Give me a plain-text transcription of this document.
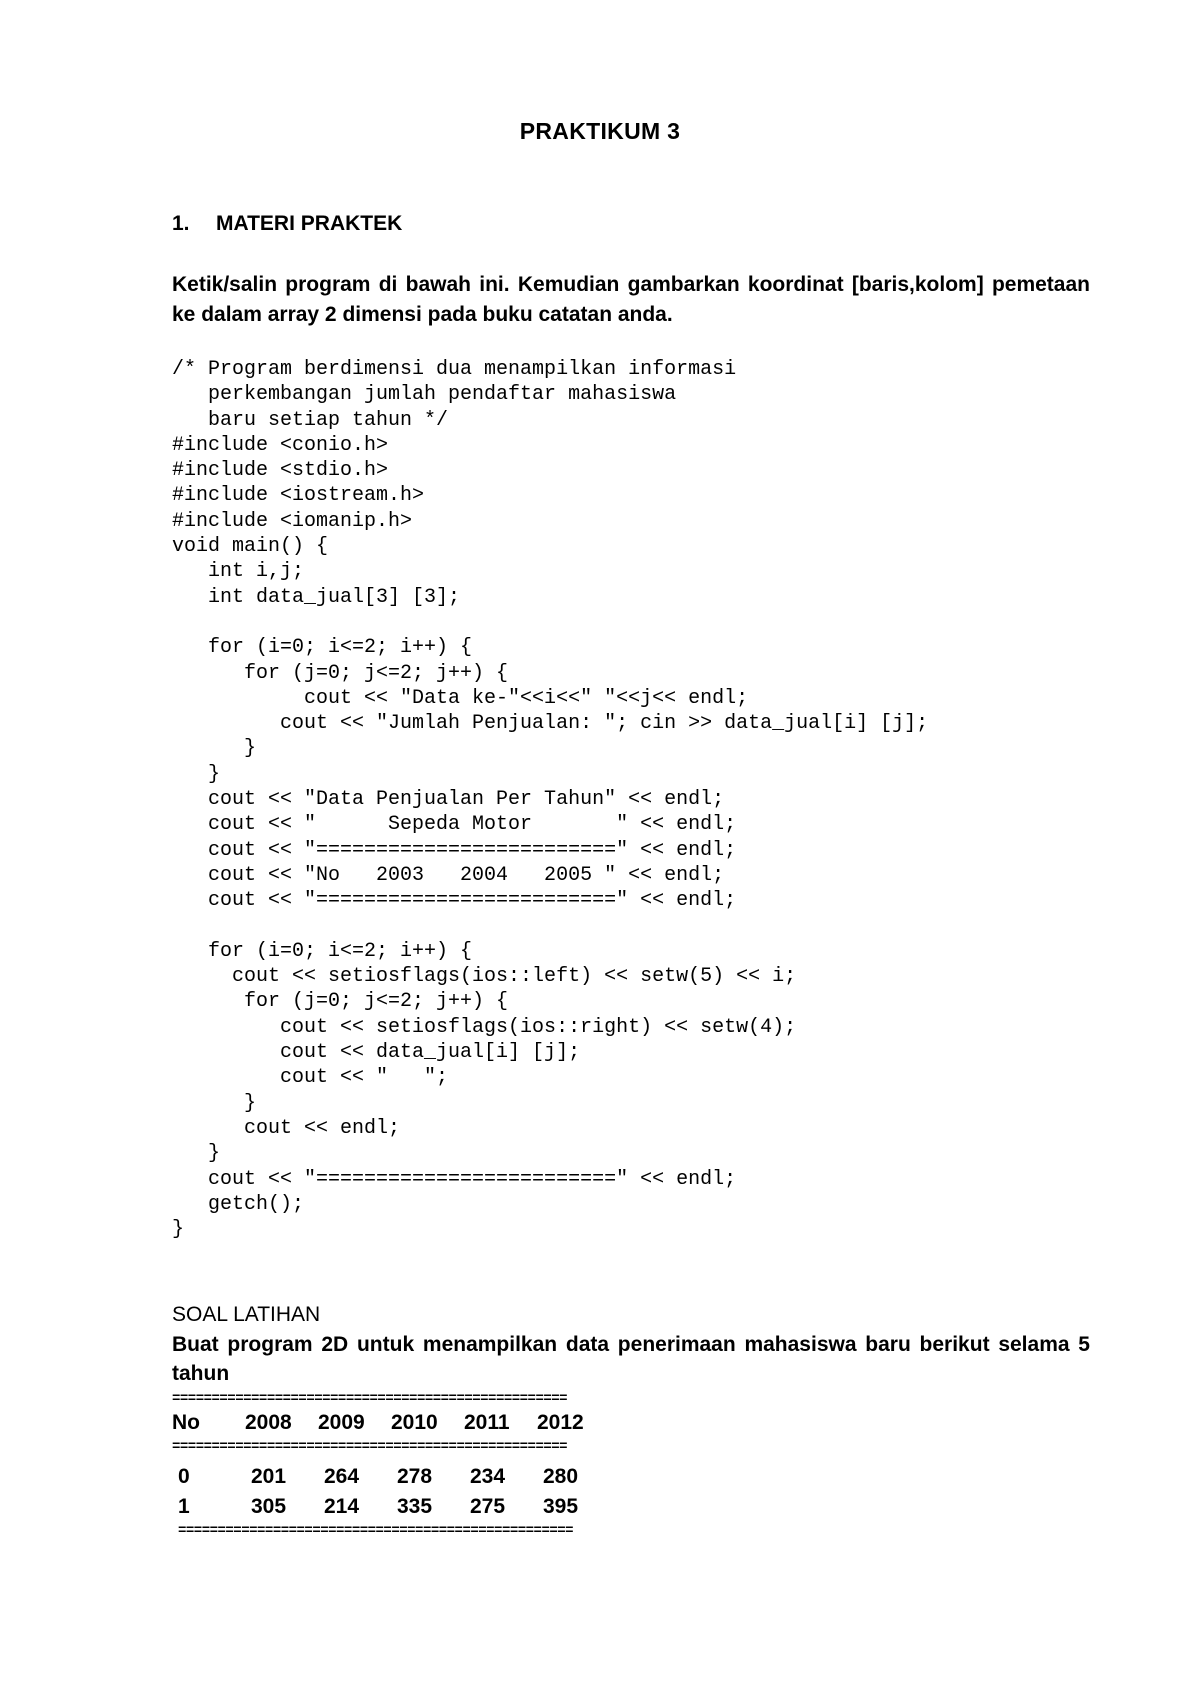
PRAKTIKUM 3
1. MATERI PRAKTEK
Ketik/salin program di bawah ini. Kemudian gambarkan koordinat [baris,kolom] pemetaan ke dalam array 2 dimensi pada buku catatan anda.
/* Program berdimensi dua menampilkan informasi
perkembangan jumlah pendaftar mahasiswa
baru setiap tahun */
#include <conio.h>
#include <stdio.h>
#include <iostream.h>
#include <iomanip.h>
void main() {
int i,j;
int data_jual[3] [3];

for (i=0; i<=2; i++) {
for (j=0; j<=2; j++) {
cout << "Data ke-"<<i<<" "<<j<< endl;
cout << "Jumlah Penjualan: "; cin >> data_jual[i] [j];
}
}
cout << "Data Penjualan Per Tahun" << endl;
cout << "      Sepeda Motor       " << endl;
cout << "=========================" << endl;
cout << "No   2003   2004   2005 " << endl;
cout << "=========================" << endl;

for (i=0; i<=2; i++) {
cout << setiosflags(ios::left) << setw(5) << i;
for (j=0; j<=2; j++) {
cout << setiosflags(ios::right) << setw(4);
cout << data_jual[i] [j];
cout << "   ";
}
cout << endl;
}
cout << "=========================" << endl;
getch();
}
SOAL LATIHAN
Buat program 2D untuk menampilkan data penerimaan mahasiswa baru berikut selama 5 tahun
==================================================
No	2008	2009	2010	2011	2012
==================================================
0	201	264	278	234	280
1	305	214	335	275	395
==================================================
